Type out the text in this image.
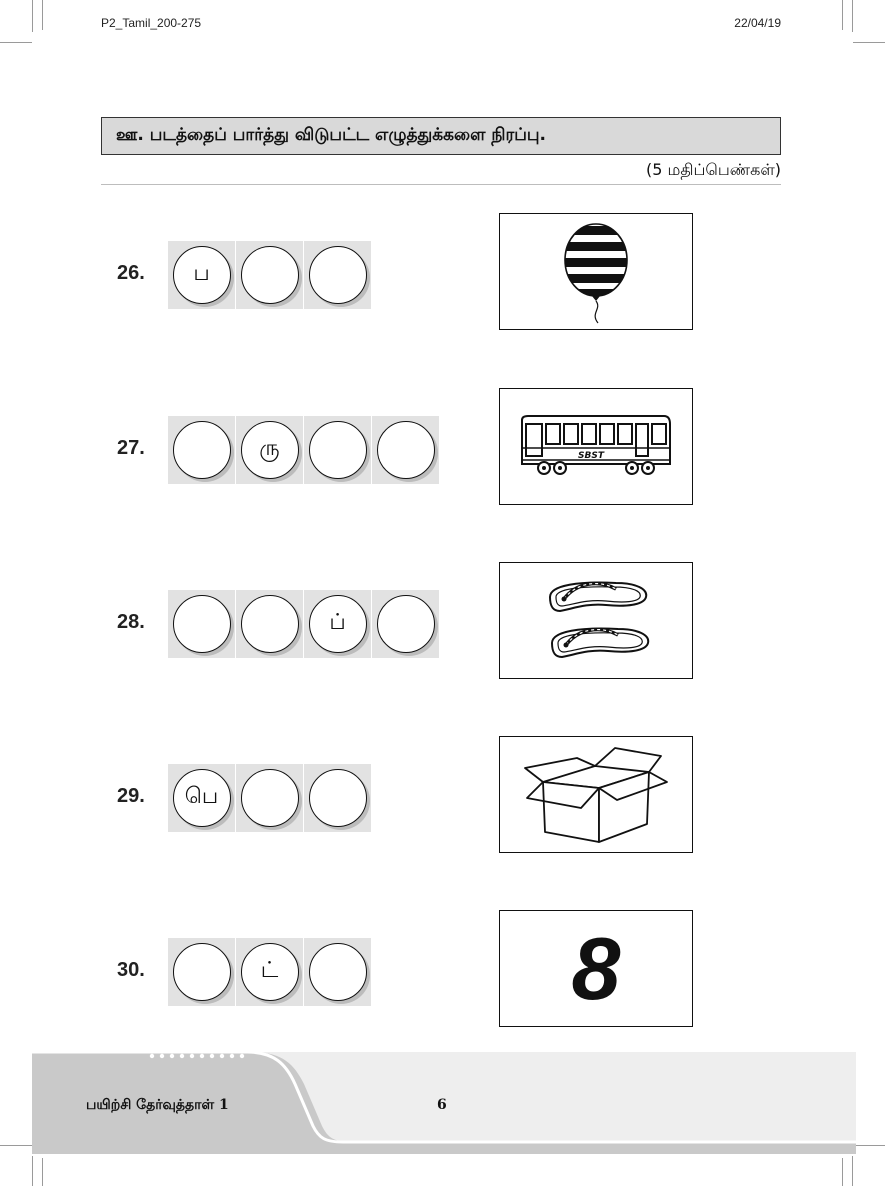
P2_Tamil_200-275	22/04/19
ஊ. படத்தைப் பார்த்து விடுபட்ட எழுத்துக்களை நிரப்பு.
(5 மதிப்பெண்கள்)
26.	ப
27.	ரு	SBST
28.	ப்
29.	பெ
30.	ட்	8
பயிற்சி தேர்வுத்தாள் 1	6
